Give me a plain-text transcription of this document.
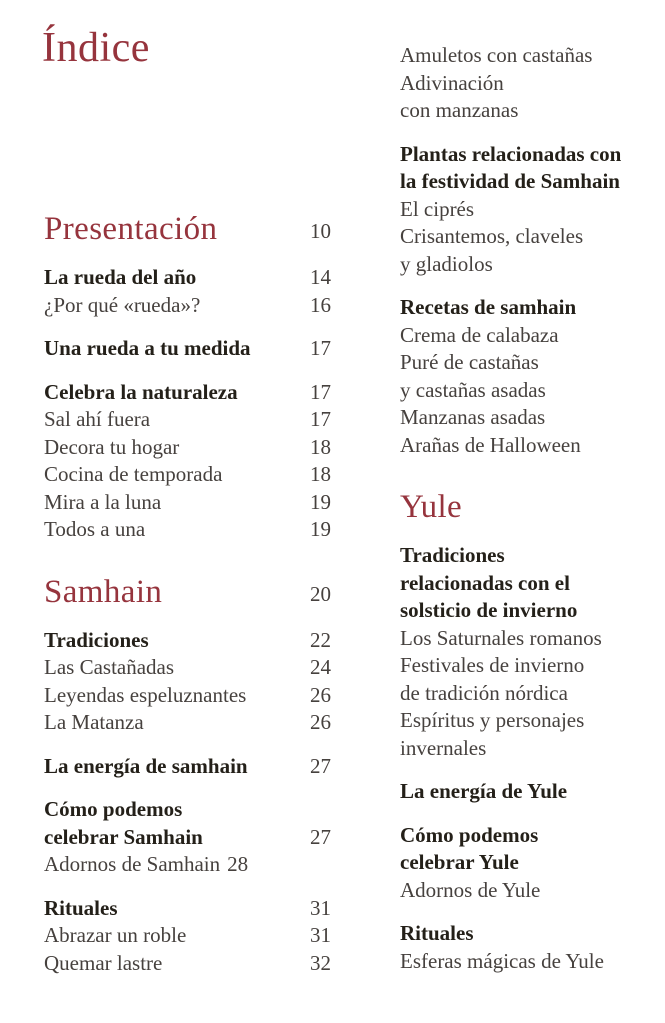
Índice
Presentación	10
La rueda del año	14
¿Por qué «rueda»?	16
Una rueda a tu medida	17
Celebra la naturaleza	17
Sal ahí fuera	17
Decora tu hogar	18
Cocina de temporada	18
Mira a la luna	19
Todos a una	19
Samhain	20
Tradiciones	22
Las Castañadas	24
Leyendas espeluznantes	26
La Matanza	26
La energía de samhain	27
Cómo podemos
celebrar Samhain	27
Adornos de Samhain 28
Rituales	31
Abrazar un roble	31
Quemar lastre	32
Amuletos con castañas
Adivinación
con manzanas
Plantas relacionadas con
la festividad de Samhain
El ciprés
Crisantemos, claveles
y gladiolos
Recetas de samhain
Crema de calabaza
Puré de castañas
y castañas asadas
Manzanas asadas
Arañas de Halloween
Yule
Tradiciones
relacionadas con el
solsticio de invierno
Los Saturnales romanos
Festivales de invierno
de tradición nórdica
Espíritus y personajes
invernales
La energía de Yule
Cómo podemos
celebrar Yule
Adornos de Yule
Rituales
Esferas mágicas de Yule
